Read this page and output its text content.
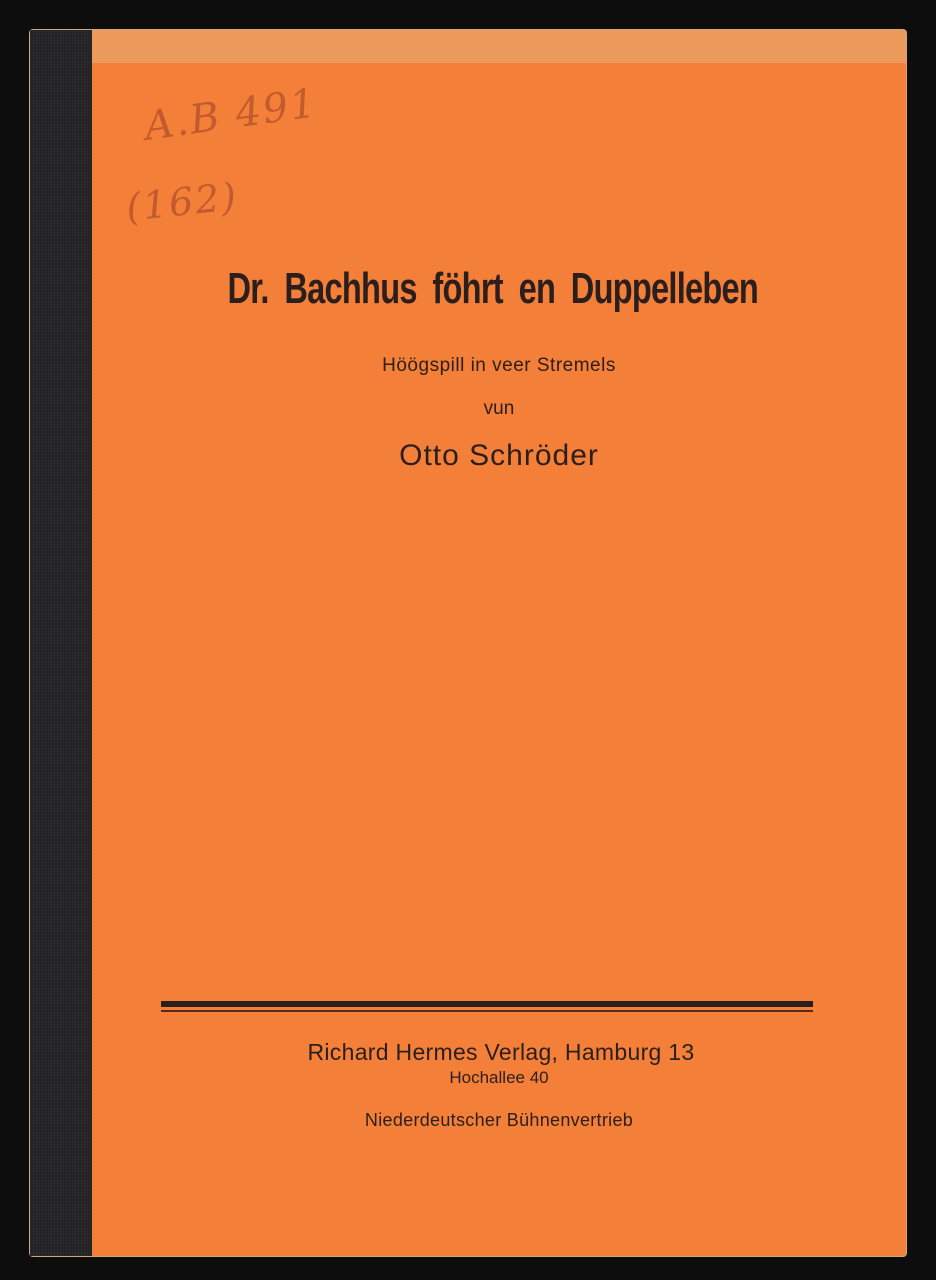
A.B 491
(162)
Dr. Bachhus föhrt en Duppelleben
Höögspill in veer Stremels
vun
Otto Schröder
Richard Hermes Verlag, Hamburg 13
Hochallee 40
Niederdeutscher Bühnenvertrieb
